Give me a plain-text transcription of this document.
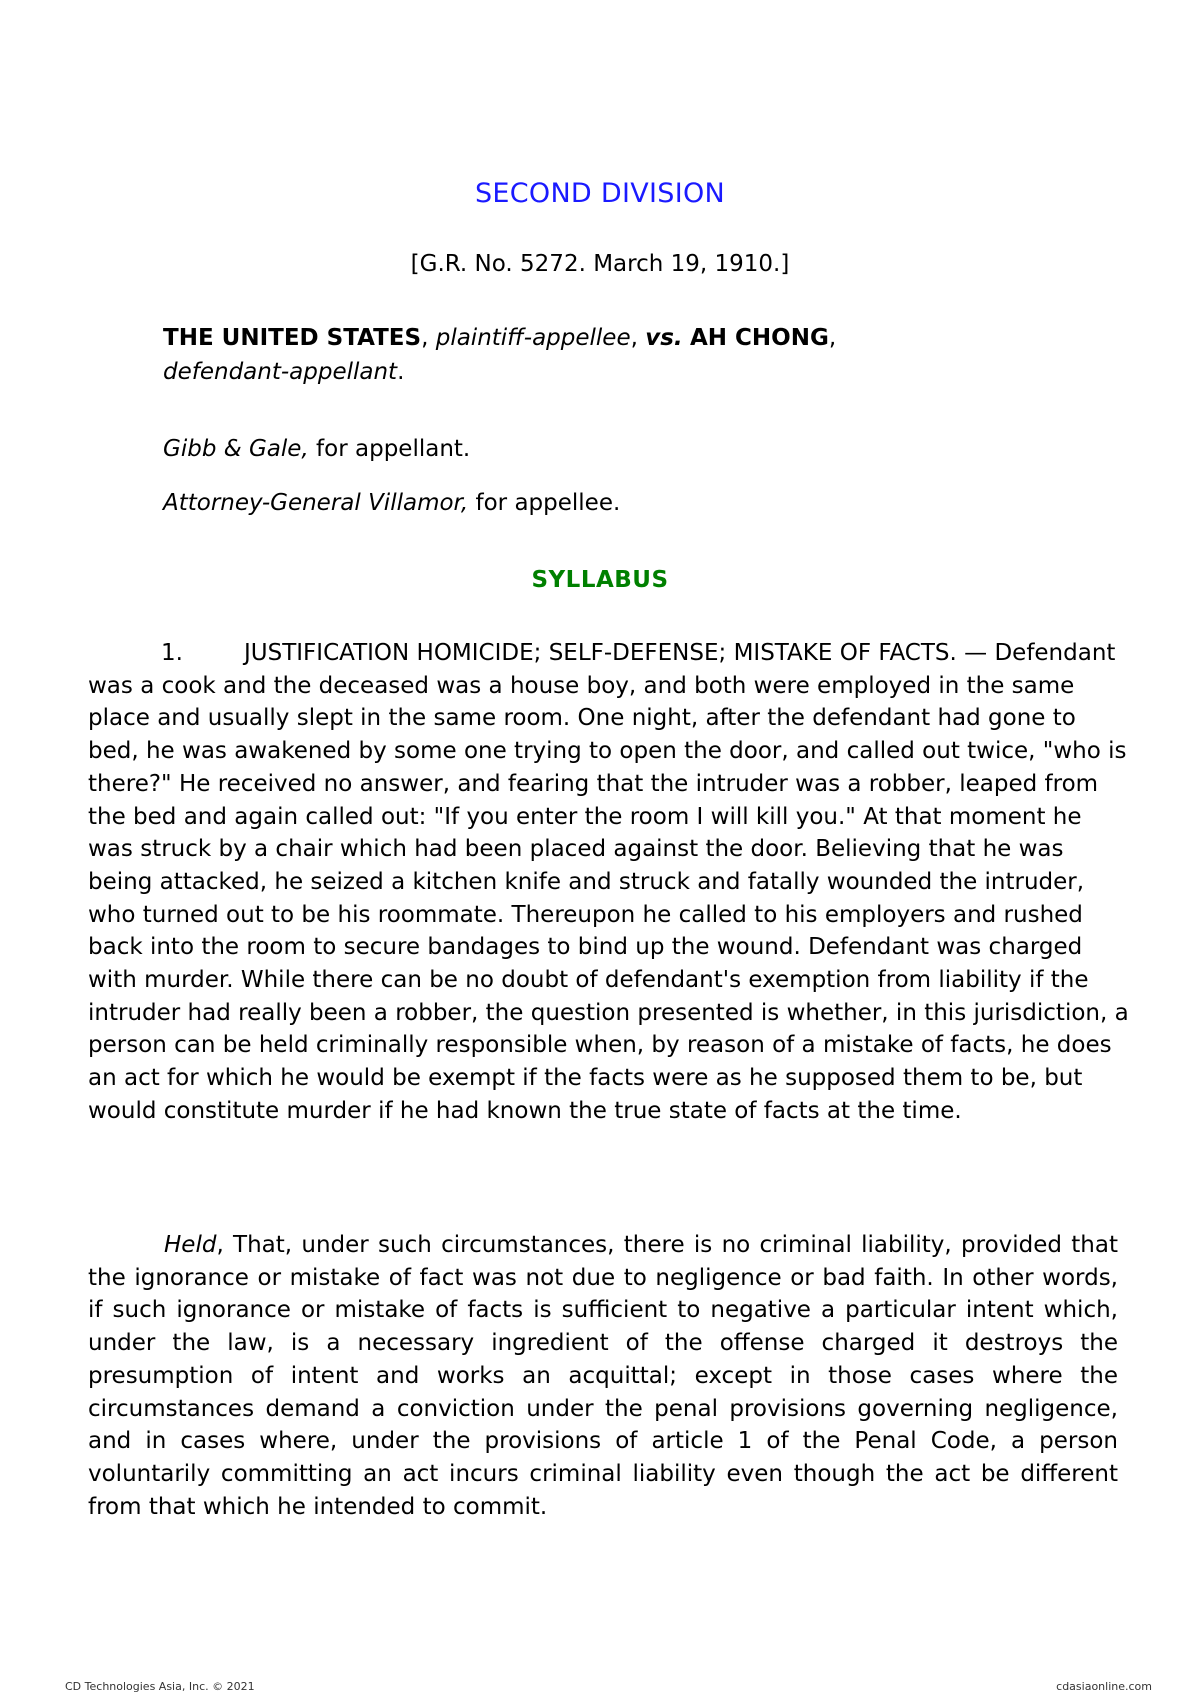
SECOND DIVISION
[G.R. No. 5272. March 19, 1910.]
THE UNITED STATES, plaintiff-appellee, vs. AH CHONG,
defendant-appellant.
Gibb & Gale, for appellant.
Attorney-General Villamor, for appellee.
SYLLABUS
1.	JUSTIFICATION HOMICIDE; SELF-DEFENSE; MISTAKE OF FACTS. — Defendant was a cook and the deceased was a house boy, and both were employed in the same place and usually slept in the same room. One night, after the defendant had gone to bed, he was awakened by some one trying to open the door, and called out twice, "who is there?" He received no answer, and fearing that the intruder was a robber, leaped from the bed and again called out: "If you enter the room I will kill you." At that moment he was struck by a chair which had been placed against the door. Believing that he was being attacked, he seized a kitchen knife and struck and fatally wounded the intruder, who turned out to be his roommate. Thereupon he called to his employers and rushed back into the room to secure bandages to bind up the wound. Defendant was charged with murder. While there can be no doubt of defendant's exemption from liability if the intruder had really been a robber, the question presented is whether, in this jurisdiction, a person can be held criminally responsible when, by reason of a mistake of facts, he does an act for which he would be exempt if the facts were as he supposed them to be, but would constitute murder if he had known the true state of facts at the time.
Held, That, under such circumstances, there is no criminal liability, provided that the ignorance or mistake of fact was not due to negligence or bad faith. In other words, if such ignorance or mistake of facts is sufficient to negative a particular intent which, under the law, is a necessary ingredient of the offense charged it destroys the presumption of intent and works an acquittal; except in those cases where the circumstances demand a conviction under the penal provisions governing negligence, and in cases where, under the provisions of article 1 of the Penal Code, a person voluntarily committing an act incurs criminal liability even though the act be different from that which he intended to commit.
CD Technologies Asia, Inc. © 2021	cdasiaonline.com
